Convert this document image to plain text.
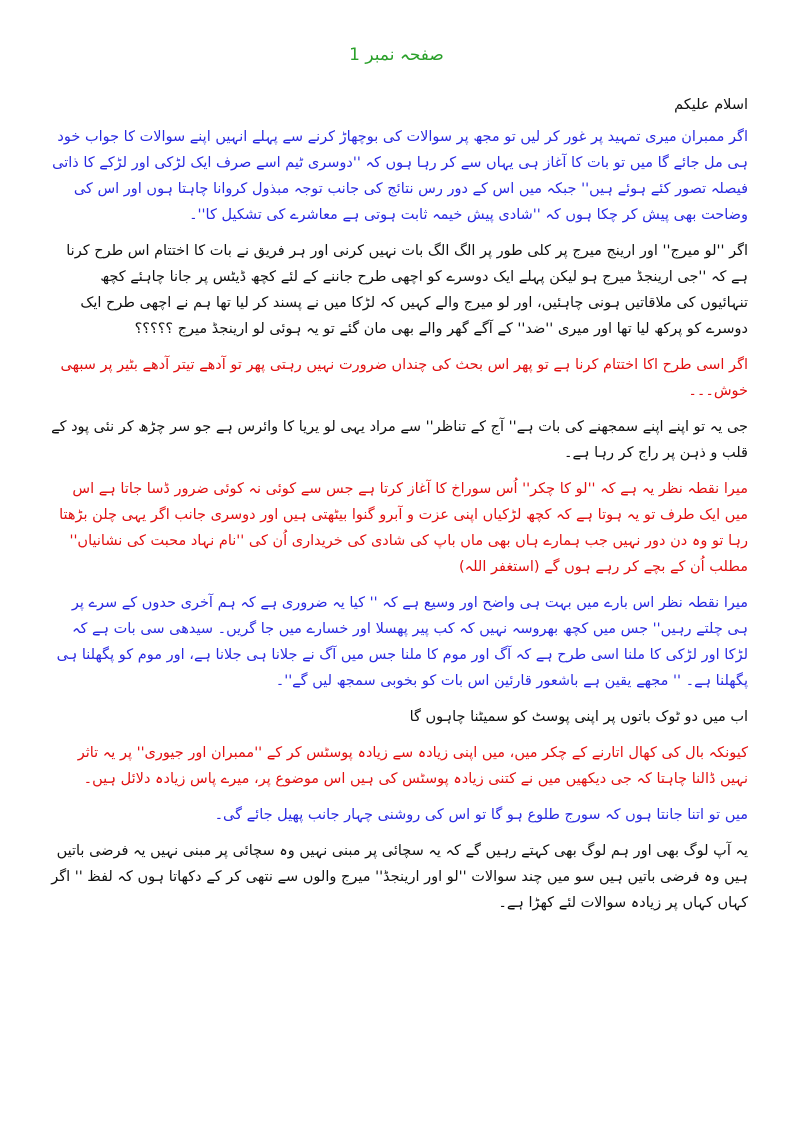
صفحہ نمبر 1

اسلام علیکم

اگر ممبران میری تمہید پر غور کر لیں تو مجھ پر سوالات کی بوچھاڑ کرنے سے پہلے انہیں اپنے سوالات کا جواب خود ہی مل جائے گا میں تو بات کا آغاز ہی یہاں سے کر رہا ہوں کہ ''دوسری ٹیم اسے صرف ایک لڑکی اور لڑکے کا ذاتی فیصلہ تصور کئے ہوئے ہیں'' جبکہ میں اس کے دور رس نتائج کی جانب توجہ مبذول کروانا چاہتا ہوں اور اس کی وضاحت بھی پیش کر چکا ہوں کہ ''شادی پیش خیمہ ثابت ہوتی ہے معاشرے کی تشکیل کا''۔

اگر ''لو میرج'' اور ارینج میرج پر کلی طور پر الگ الگ بات نہیں کرنی اور ہر فریق نے بات کا اختتام اس طرح کرنا ہے کہ ''جی ارینجڈ میرج ہو لیکن پہلے ایک دوسرے کو اچھی طرح جاننے کے لئے کچھ ڈیٹس پر جانا چاہئے کچھ تنہائیوں کی ملاقاتیں ہونی چاہئیں، اور لو میرج والے کہیں کہ لڑکا میں نے پسند کر لیا تھا ہم نے اچھی طرح ایک دوسرے کو پرکھ لیا تھا اور میری ''ضد'' کے آگے گھر والے بھی مان گئے تو یہ ہوئی لو ارینجڈ میرج ؟؟؟؟؟

اگر اسی طرح اکا اختتام کرنا ہے تو پھر اس بحث کی چنداں ضرورت نہیں رہتی پھر تو آدھے تیتر آدھے بٹیر پر سبھی خوش۔۔۔

جی یہ تو اپنے اپنے سمجھنے کی بات ہے'' آج کے تناظر'' سے مراد یہی لو یریا کا وائرس ہے جو سر چڑھ کر نئی پود کے قلب و ذہن پر راج کر رہا ہے۔

میرا نقطہ نظر یہ ہے کہ ''لو کا چکر'' اُس سوراخ کا آغاز کرتا ہے جس سے کوئی نہ کوئی ضرور ڈسا جاتا ہے اس میں ایک طرف تو یہ ہوتا ہے کہ کچھ لڑکیاں اپنی عزت و آبرو گنوا بیٹھتی ہیں اور دوسری جانب اگر یہی چلن بڑھتا رہا تو وہ دن دور نہیں جب ہمارے ہاں بھی ماں باپ کی شادی کی خریداری اُن کی ''نام نہاد محبت کی نشانیاں'' مطلب اُن کے بچے کر رہے ہوں گے (استغفر اللہ)

میرا نقطہ نظر اس بارے میں بہت ہی واضح اور وسیع ہے کہ '' کیا یہ ضروری ہے کہ ہم آخری حدوں کے سرے پر ہی چلتے رہیں'' جس میں کچھ بھروسہ نہیں کہ کب پیر پھسلا اور خسارے میں جا گریں۔ سیدھی سی بات ہے کہ لڑکا اور لڑکی کا ملنا اسی طرح ہے کہ آگ اور موم کا ملنا جس میں آگ نے جلانا ہی جلانا ہے، اور موم کو پگھلنا ہی پگھلنا ہے۔ '' مجھے یقین ہے باشعور قارئین اس بات کو بخوبی سمجھ لیں گے''۔

اب میں دو ٹوک باتوں پر اپنی پوسٹ کو سمیٹنا چاہوں گا

کیونکہ بال کی کھال اتارنے کے چکر میں، میں اپنی زیادہ سے زیادہ پوسٹس کر کے ''ممبران اور جیوری'' پر یہ تاثر نہیں ڈالنا چاہتا کہ جی دیکھیں میں نے کتنی زیادہ پوسٹس کی ہیں اس موضوع پر، میرے پاس زیادہ دلائل ہیں۔

میں تو اتنا جانتا ہوں کہ سورج طلوع ہو گا تو اس کی روشنی چہار جانب پھیل جائے گی۔

یہ آپ لوگ بھی اور ہم لوگ بھی کہتے رہیں گے کہ یہ سچائی پر مبنی نہیں وہ سچائی پر مبنی نہیں یہ فرضی باتیں ہیں وہ فرضی باتیں ہیں سو میں چند سوالات ''لو اور ارینجڈ'' میرج والوں سے نتھی کر کے دکھاتا ہوں کہ لفظ '' اگر کہاں کہاں پر زیادہ سوالات لئے کھڑا ہے۔
